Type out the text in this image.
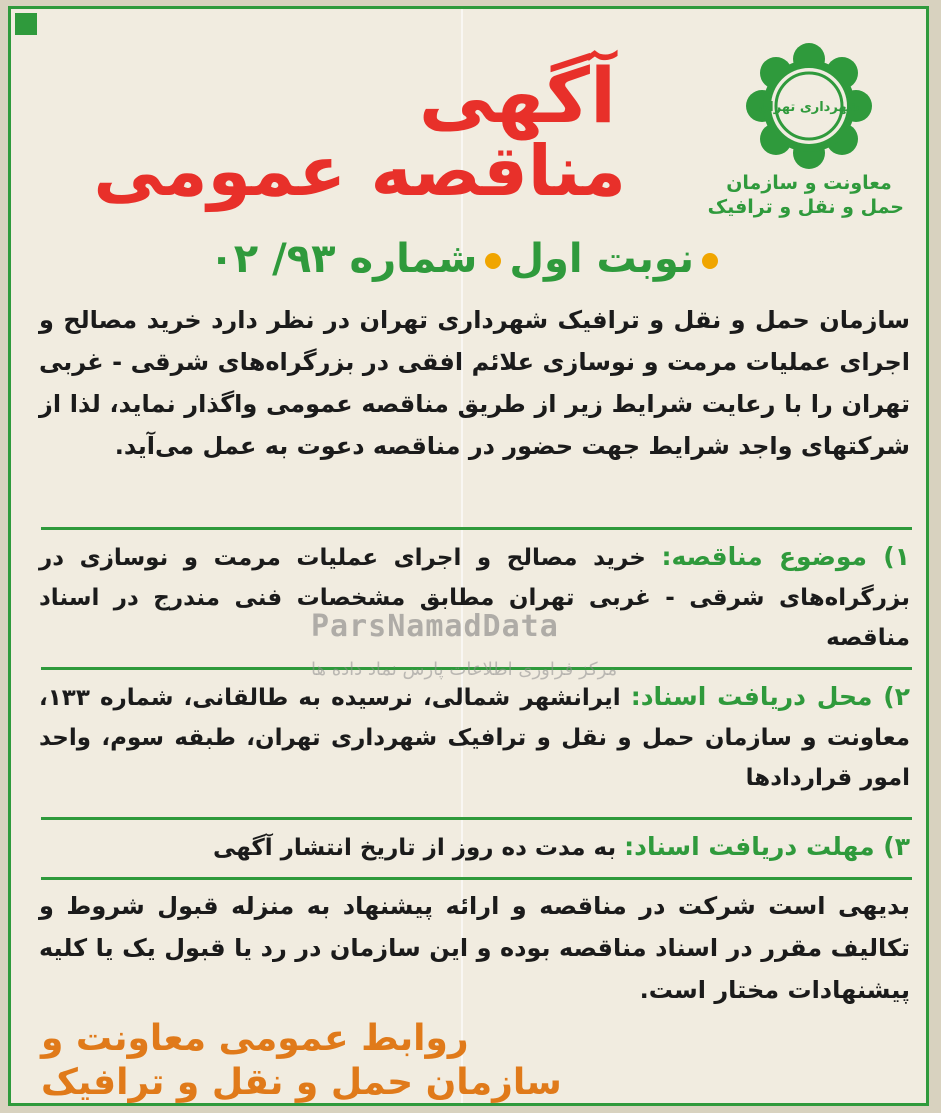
آگهی
مناقصه عمومی
شهرداری تهران
معاونت و سازمان
حمل و نقل و ترافیک
نوبت اولشماره ۹۳/ ۰۲
سازمان حمل و نقل و ترافیک شهرداری تهران در نظر دارد خرید مصالح و اجرای عملیات مرمت و نوسازی علائم افقی در بزرگراه‌های شرقی - غربی تهران را با رعایت شرایط زیر از طریق مناقصه عمومی واگذار نماید، لذا از شرکتهای واجد شرایط جهت حضور در مناقصه دعوت به عمل می‌آید.
۱) موضوع مناقصه: خرید مصالح و اجرای عملیات مرمت و نوسازی در بزرگراه‌های شرقی - غربی تهران مطابق مشخصات فنی مندرج در اسناد مناقصه
۲) محل دریافت اسناد: ایرانشهر شمالی، نرسیده به طالقانی، شماره ۱۳۳، معاونت و سازمان حمل و نقل و ترافیک شهرداری تهران، طبقه سوم، واحد امور قراردادها
۳) مهلت دریافت اسناد: به مدت ده روز از تاریخ انتشار آگهی
بدیهی است شرکت در مناقصه و ارائه پیشنهاد به منزله قبول شروط و تکالیف مقرر در اسناد مناقصه بوده و این سازمان در رد یا قبول یک یا کلیه پیشنهادات مختار است.
روابط عمومی معاونت و
سازمان حمل و نقل و ترافیک
ParsNamadData
مرکز فراوری اطلاعات پارس نماد داده ها
